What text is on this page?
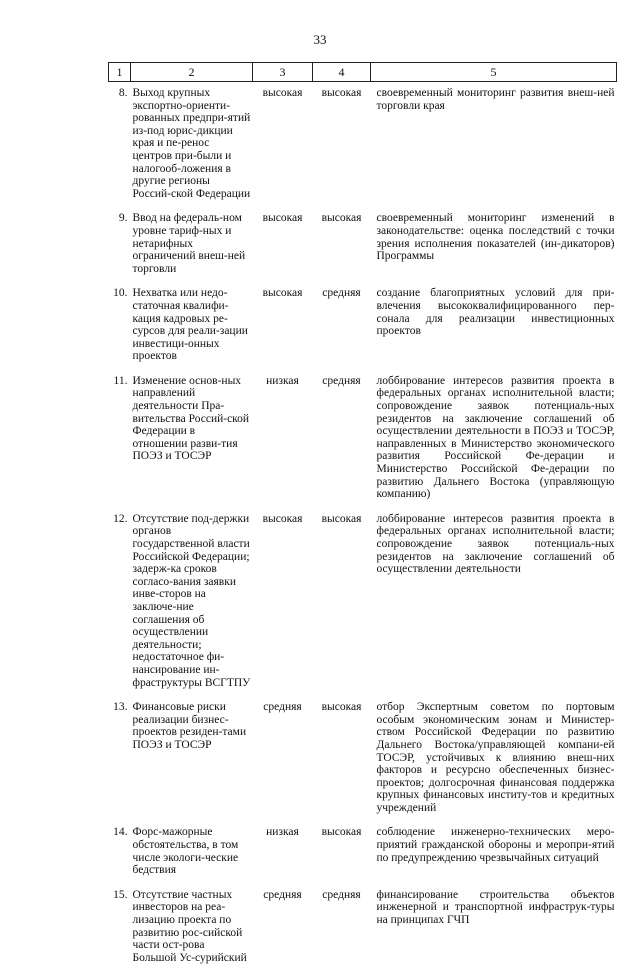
33
1	2	3	4	5
8.	Выход крупных экспортно-ориенти-рованных предпри-ятий из-под юрис-дикции края и пе-ренос центров при-были и налогооб-ложения в другие регионы Россий-ской Федерации	высокая	высокая	своевременный мониторинг развития внеш-ней торговли края
9.	Ввод на федераль-ном уровне тариф-ных и нетарифных ограничений внеш-ней торговли	высокая	высокая	своевременный мониторинг изменений в законодательстве: оценка последствий с точки зрения исполнения показателей (ин-дикаторов) Программы
10.	Нехватка или недо-статочная квалифи-кация кадровых ре-сурсов для реали-зации инвестици-онных проектов	высокая	средняя	создание благоприятных условий для при-влечения высококвалифицированного пер-сонала для реализации инвестиционных проектов
11.	Изменение основ-ных направлений деятельности Пра-вительства Россий-ской Федерации в отношении разви-тия ПОЭЗ и ТОСЭР	низкая	средняя	лоббирование интересов развития проекта в федеральных органах исполнительной власти; сопровождение заявок потенциаль-ных резидентов на заключение соглашений об осуществлении деятельности в ПОЭЗ и ТОСЭР, направленных в Министерство экономического развития Российской Фе-дерации и Министерство Российской Фе-дерации по развитию Дальнего Востока (управляющую компанию)
12.	Отсутствие под-держки органов государственной власти Российской Федерации; задерж-ка сроков согласо-вания заявки инве-сторов на заключе-ние соглашения об осуществлении деятельности; недостаточное фи-нансирование ин-фраструктуры ВСГТПУ	высокая	высокая	лоббирование интересов развития проекта в федеральных органах исполнительной власти; сопровождение заявок потенциаль-ных резидентов на заключение соглашений об осуществлении деятельности
13.	Финансовые риски реализации бизнес-проектов резиден-тами ПОЭЗ и ТОСЭР	средняя	высокая	отбор Экспертным советом по портовым особым экономическим зонам и Министер-ством Российской Федерации по развитию Дальнего Востока/управляющей компани-ей ТОСЭР, устойчивых к влиянию внеш-них факторов и ресурсно обеспеченных бизнес-проектов; долгосрочная финансовая поддержка крупных финансовых институ-тов и кредитных учреждений
14.	Форс-мажорные обстоятельства, в том числе экологи-ческие бедствия	низкая	высокая	соблюдение инженерно-технических меро-приятий гражданской обороны и меропри-ятий по предупреждению чрезвычайных ситуаций
15.	Отсутствие частных инвесторов на реа-лизацию проекта по развитию рос-сийской части ост-рова Большой Ус-сурийский	средняя	средняя	финансирование строительства объектов инженерной и транспортной инфраструк-туры на принципах ГЧП
